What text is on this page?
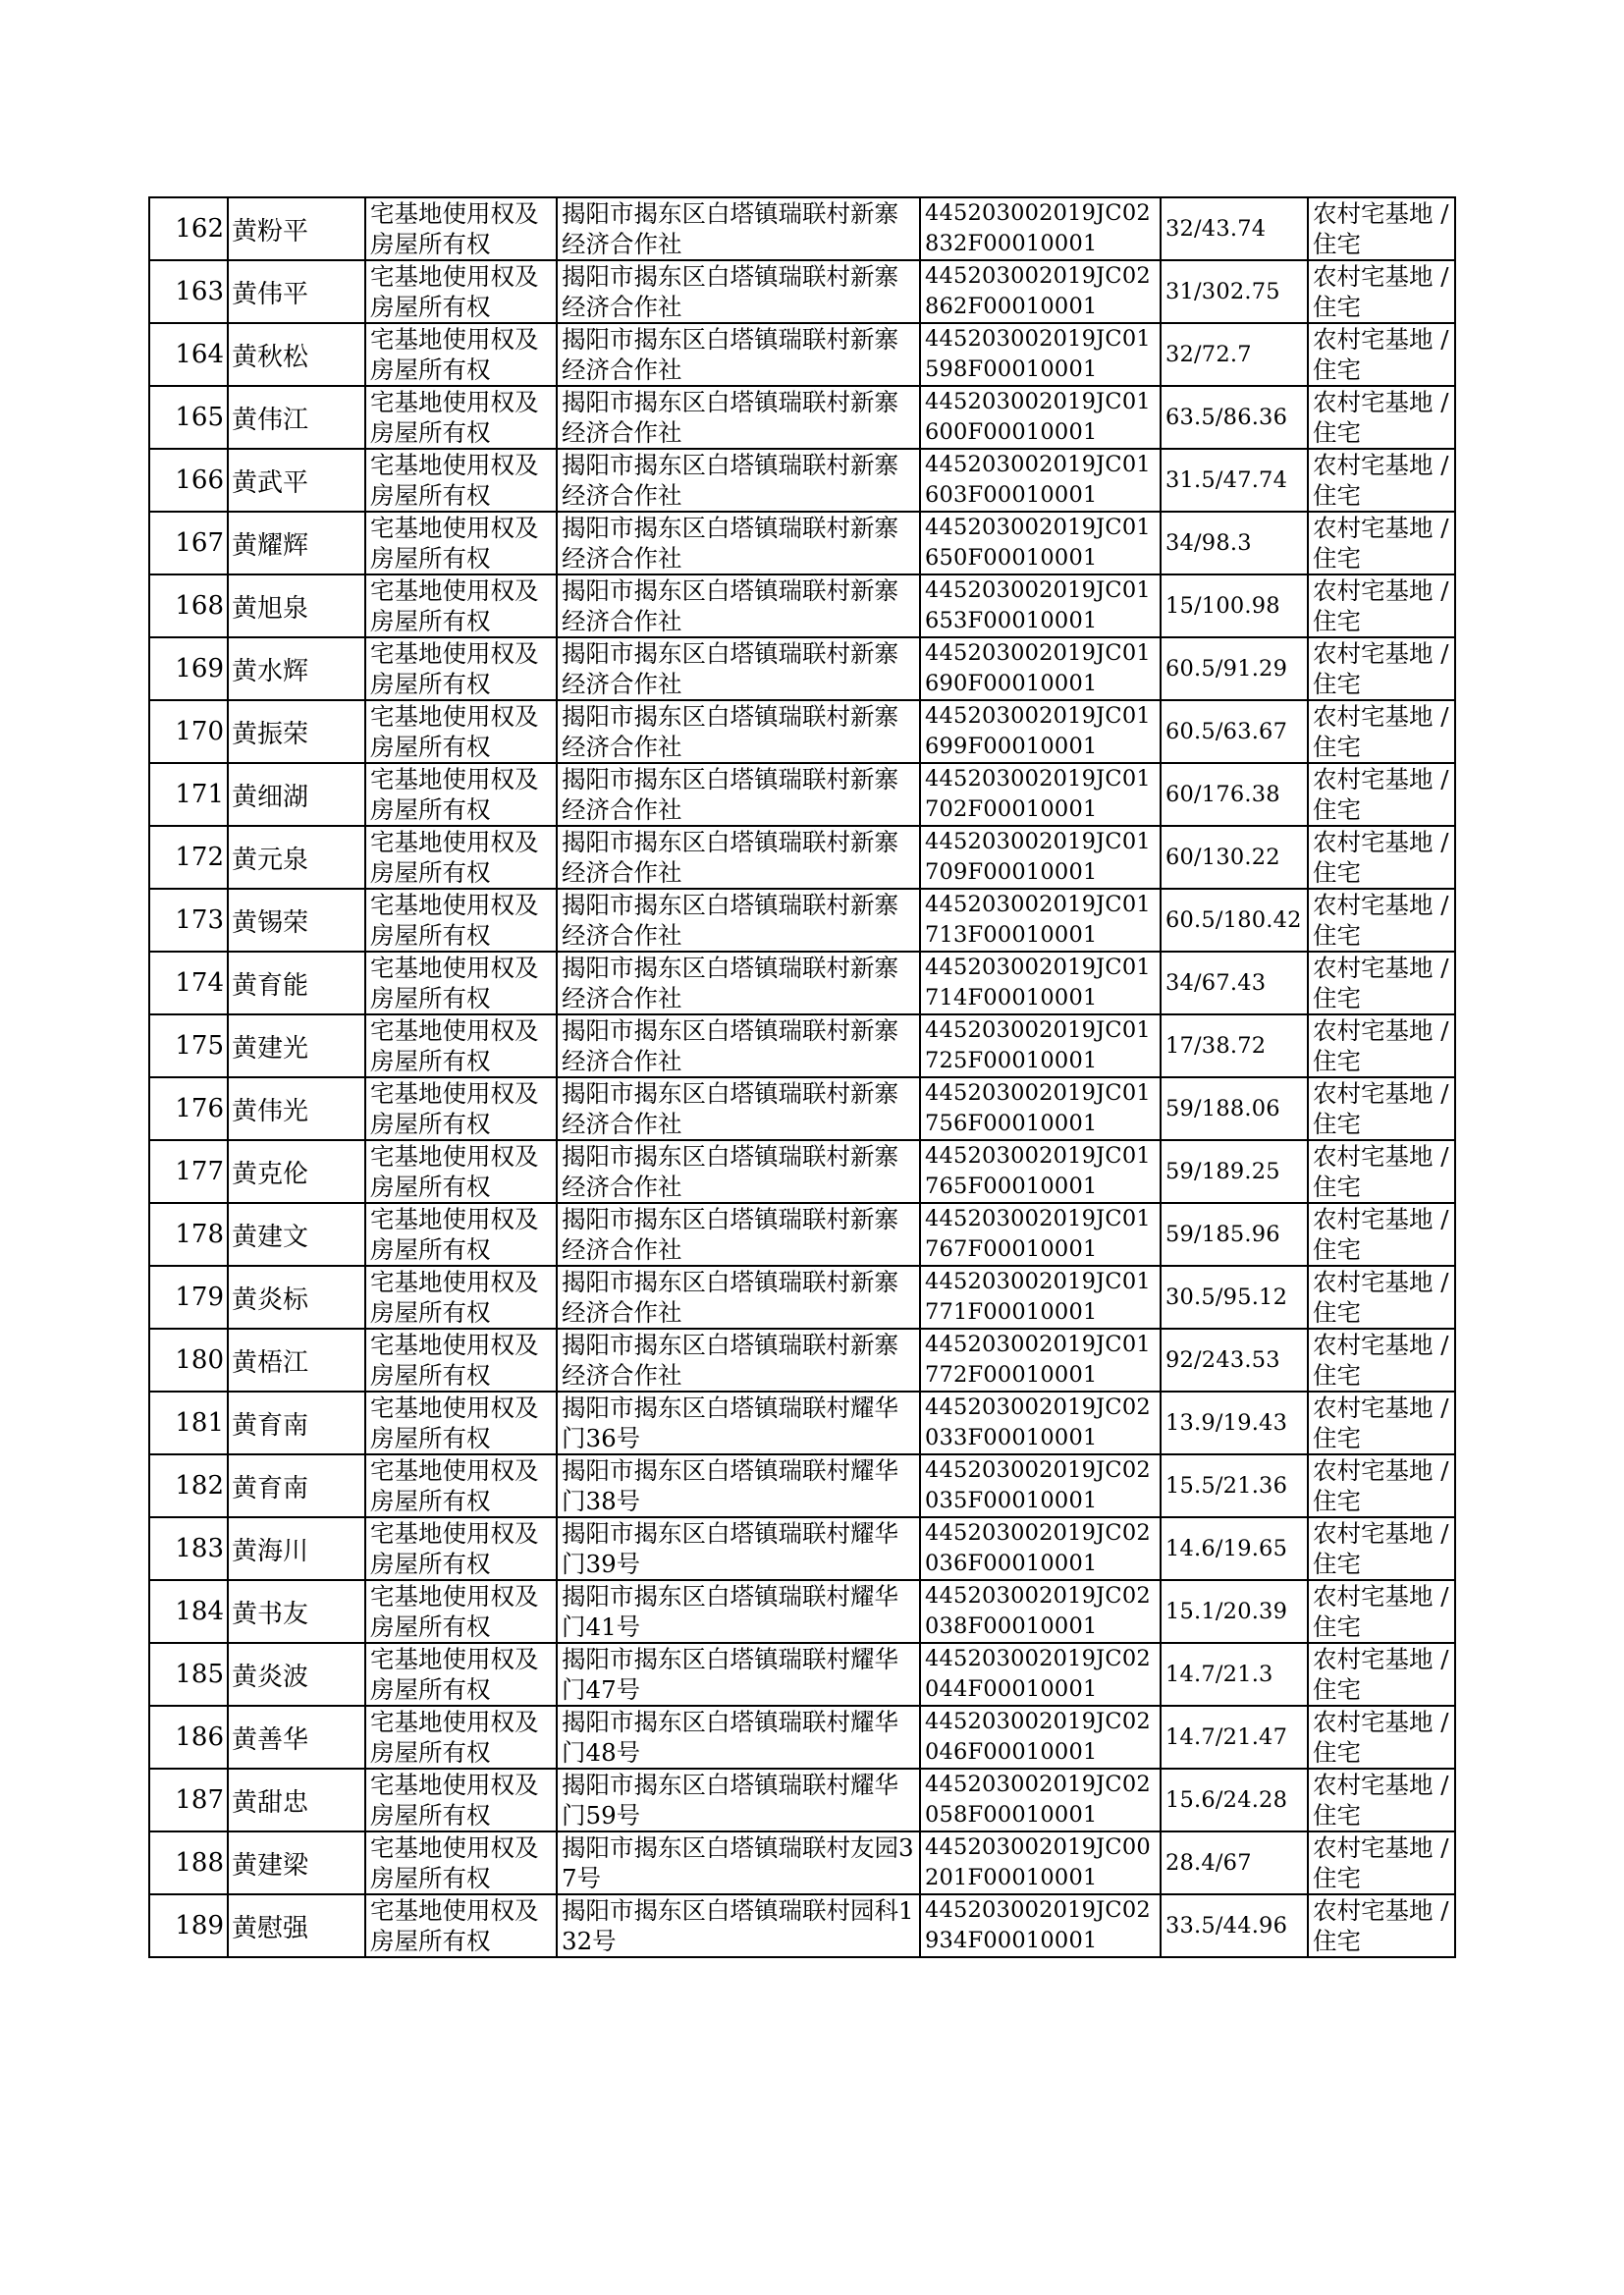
162	黄粉平	宅基地使用权及房屋所有权	揭阳市揭东区白塔镇瑞联村新寨经济合作社	445203002019JC02832F00010001	32/43.74	农村宅基地 / 住宅
163	黄伟平	宅基地使用权及房屋所有权	揭阳市揭东区白塔镇瑞联村新寨经济合作社	445203002019JC02862F00010001	31/302.75	农村宅基地 / 住宅
164	黄秋松	宅基地使用权及房屋所有权	揭阳市揭东区白塔镇瑞联村新寨经济合作社	445203002019JC01598F00010001	32/72.7	农村宅基地 / 住宅
165	黄伟江	宅基地使用权及房屋所有权	揭阳市揭东区白塔镇瑞联村新寨经济合作社	445203002019JC01600F00010001	63.5/86.36	农村宅基地 / 住宅
166	黄武平	宅基地使用权及房屋所有权	揭阳市揭东区白塔镇瑞联村新寨经济合作社	445203002019JC01603F00010001	31.5/47.74	农村宅基地 / 住宅
167	黄耀辉	宅基地使用权及房屋所有权	揭阳市揭东区白塔镇瑞联村新寨经济合作社	445203002019JC01650F00010001	34/98.3	农村宅基地 / 住宅
168	黄旭泉	宅基地使用权及房屋所有权	揭阳市揭东区白塔镇瑞联村新寨经济合作社	445203002019JC01653F00010001	15/100.98	农村宅基地 / 住宅
169	黄水辉	宅基地使用权及房屋所有权	揭阳市揭东区白塔镇瑞联村新寨经济合作社	445203002019JC01690F00010001	60.5/91.29	农村宅基地 / 住宅
170	黄振荣	宅基地使用权及房屋所有权	揭阳市揭东区白塔镇瑞联村新寨经济合作社	445203002019JC01699F00010001	60.5/63.67	农村宅基地 / 住宅
171	黄细湖	宅基地使用权及房屋所有权	揭阳市揭东区白塔镇瑞联村新寨经济合作社	445203002019JC01702F00010001	60/176.38	农村宅基地 / 住宅
172	黄元泉	宅基地使用权及房屋所有权	揭阳市揭东区白塔镇瑞联村新寨经济合作社	445203002019JC01709F00010001	60/130.22	农村宅基地 / 住宅
173	黄锡荣	宅基地使用权及房屋所有权	揭阳市揭东区白塔镇瑞联村新寨经济合作社	445203002019JC01713F00010001	60.5/180.42	农村宅基地 / 住宅
174	黄育能	宅基地使用权及房屋所有权	揭阳市揭东区白塔镇瑞联村新寨经济合作社	445203002019JC01714F00010001	34/67.43	农村宅基地 / 住宅
175	黄建光	宅基地使用权及房屋所有权	揭阳市揭东区白塔镇瑞联村新寨经济合作社	445203002019JC01725F00010001	17/38.72	农村宅基地 / 住宅
176	黄伟光	宅基地使用权及房屋所有权	揭阳市揭东区白塔镇瑞联村新寨经济合作社	445203002019JC01756F00010001	59/188.06	农村宅基地 / 住宅
177	黄克伦	宅基地使用权及房屋所有权	揭阳市揭东区白塔镇瑞联村新寨经济合作社	445203002019JC01765F00010001	59/189.25	农村宅基地 / 住宅
178	黄建文	宅基地使用权及房屋所有权	揭阳市揭东区白塔镇瑞联村新寨经济合作社	445203002019JC01767F00010001	59/185.96	农村宅基地 / 住宅
179	黄炎标	宅基地使用权及房屋所有权	揭阳市揭东区白塔镇瑞联村新寨经济合作社	445203002019JC01771F00010001	30.5/95.12	农村宅基地 / 住宅
180	黄梧江	宅基地使用权及房屋所有权	揭阳市揭东区白塔镇瑞联村新寨经济合作社	445203002019JC01772F00010001	92/243.53	农村宅基地 / 住宅
181	黄育南	宅基地使用权及房屋所有权	揭阳市揭东区白塔镇瑞联村耀华门36号	445203002019JC02033F00010001	13.9/19.43	农村宅基地 / 住宅
182	黄育南	宅基地使用权及房屋所有权	揭阳市揭东区白塔镇瑞联村耀华门38号	445203002019JC02035F00010001	15.5/21.36	农村宅基地 / 住宅
183	黄海川	宅基地使用权及房屋所有权	揭阳市揭东区白塔镇瑞联村耀华门39号	445203002019JC02036F00010001	14.6/19.65	农村宅基地 / 住宅
184	黄书友	宅基地使用权及房屋所有权	揭阳市揭东区白塔镇瑞联村耀华门41号	445203002019JC02038F00010001	15.1/20.39	农村宅基地 / 住宅
185	黄炎波	宅基地使用权及房屋所有权	揭阳市揭东区白塔镇瑞联村耀华门47号	445203002019JC02044F00010001	14.7/21.3	农村宅基地 / 住宅
186	黄善华	宅基地使用权及房屋所有权	揭阳市揭东区白塔镇瑞联村耀华门48号	445203002019JC02046F00010001	14.7/21.47	农村宅基地 / 住宅
187	黄甜忠	宅基地使用权及房屋所有权	揭阳市揭东区白塔镇瑞联村耀华门59号	445203002019JC02058F00010001	15.6/24.28	农村宅基地 / 住宅
188	黄建梁	宅基地使用权及房屋所有权	揭阳市揭东区白塔镇瑞联村友园37号	445203002019JC00201F00010001	28.4/67	农村宅基地 / 住宅
189	黄慰强	宅基地使用权及房屋所有权	揭阳市揭东区白塔镇瑞联村园科132号	445203002019JC02934F00010001	33.5/44.96	农村宅基地 / 住宅
